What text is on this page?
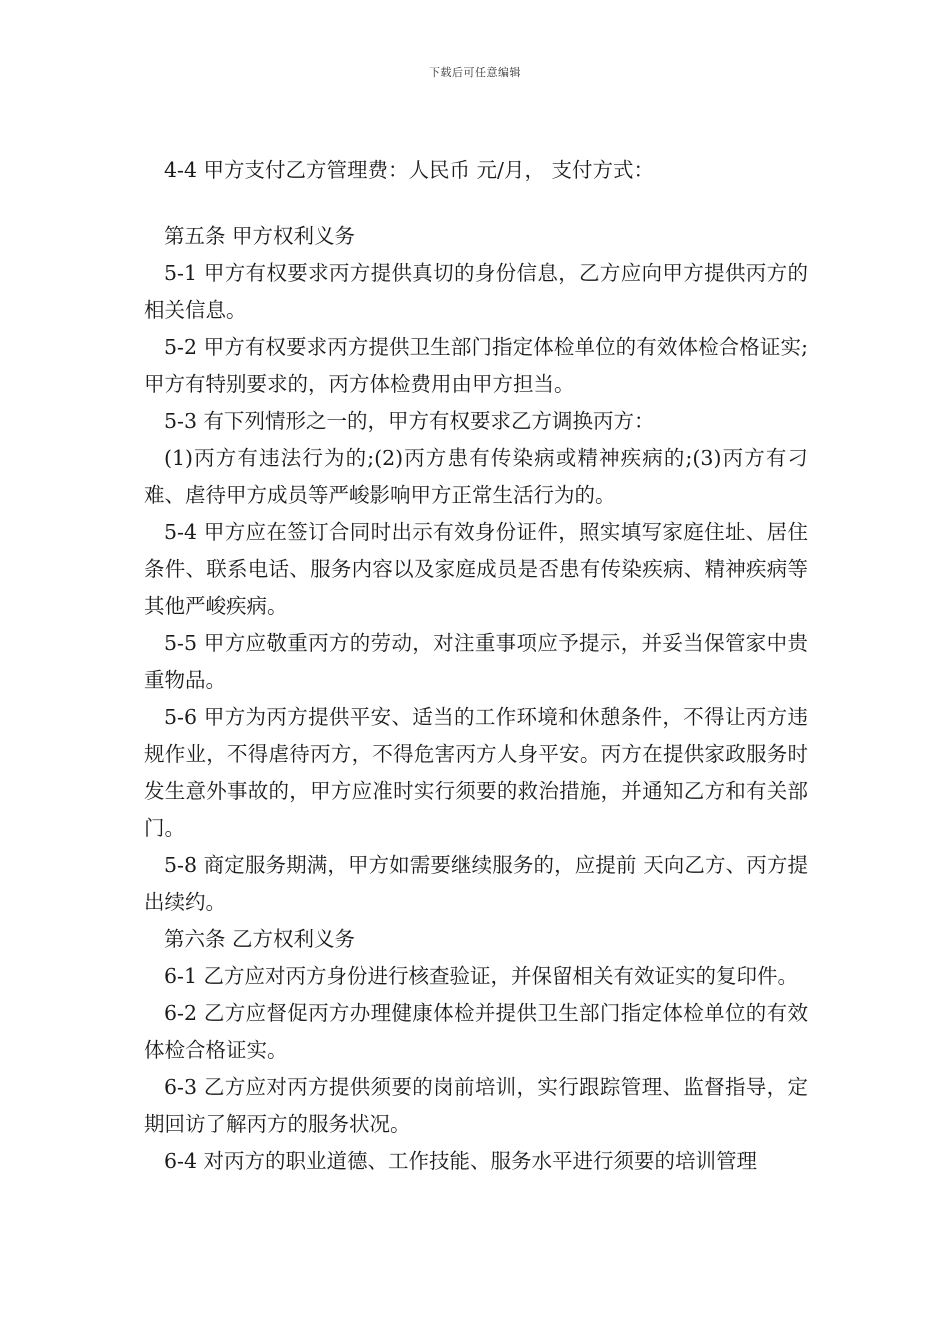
下载后可任意编辑

4-4 甲方支付乙方管理费：人民币 元/月， 支付方式：

第五条 甲方权利义务

5-1 甲方有权要求丙方提供真切的身份信息，乙方应向甲方提供丙方的相关信息。

5-2 甲方有权要求丙方提供卫生部门指定体检单位的有效体检合格证实;甲方有特别要求的，丙方体检费用由甲方担当。

5-3 有下列情形之一的，甲方有权要求乙方调换丙方：

(1)丙方有违法行为的;(2)丙方患有传染病或精神疾病的;(3)丙方有刁难、虐待甲方成员等严峻影响甲方正常生活行为的。

5-4 甲方应在签订合同时出示有效身份证件，照实填写家庭住址、居住条件、联系电话、服务内容以及家庭成员是否患有传染疾病、精神疾病等其他严峻疾病。

5-5 甲方应敬重丙方的劳动，对注重事项应予提示，并妥当保管家中贵重物品。

5-6 甲方为丙方提供平安、适当的工作环境和休憩条件，不得让丙方违规作业，不得虐待丙方，不得危害丙方人身平安。丙方在提供家政服务时发生意外事故的，甲方应准时实行须要的救治措施，并通知乙方和有关部门。

5-8 商定服务期满，甲方如需要继续服务的，应提前 天向乙方、丙方提出续约。

第六条 乙方权利义务

6-1 乙方应对丙方身份进行核查验证，并保留相关有效证实的复印件。

6-2 乙方应督促丙方办理健康体检并提供卫生部门指定体检单位的有效体检合格证实。

6-3 乙方应对丙方提供须要的岗前培训，实行跟踪管理、监督指导，定期回访了解丙方的服务状况。

6-4 对丙方的职业道德、工作技能、服务水平进行须要的培训管理
